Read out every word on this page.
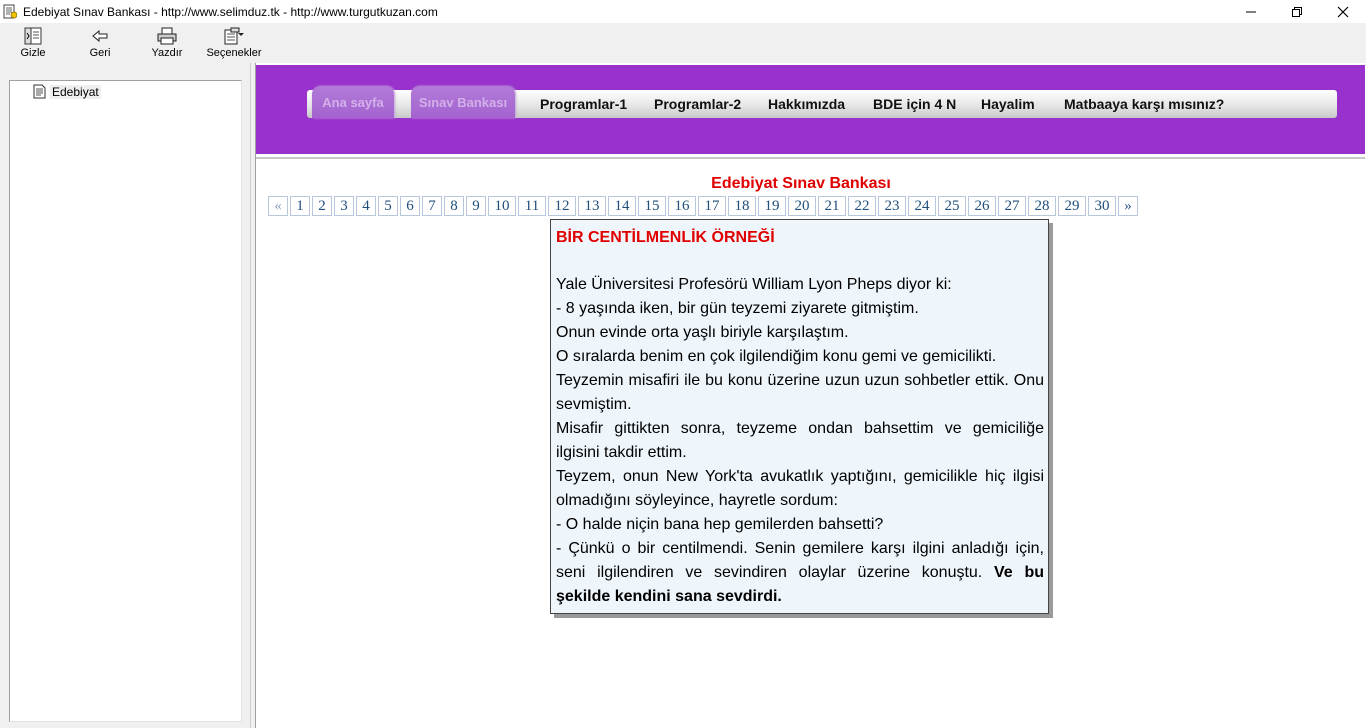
Edebiyat Sınav Bankası - http://www.selimduz.tk - http://www.turgutkuzan.com
Gizle	Geri	Yazdır Seçenekler
Edebiyat
Ana sayfa	Sınav Bankası	Programlar-1 Programlar-2 Hakkımızda BDE için 4 N Hayalim Matbaaya karşı mısınız?
Edebiyat Sınav Bankası
« 1 2 3 4 5 6 7 8 9 10	11	12	13	14	15	16	17	18	19	20	21	22	23	24	25	26	27	28	29	30 »
BİR CENTİLMENLİK ÖRNEĞİ

Yale Üniversitesi Profesörü William Lyon Pheps diyor ki:

- 8 yaşında iken, bir gün teyzemi ziyarete gitmiştim.

Onun evinde orta yaşlı biriyle karşılaştım.

O sıralarda benim en çok ilgilendiğim konu gemi ve gemicilikti.

Teyzemin misafiri ile bu konu üzerine uzun uzun sohbetler ettik. Onu sevmiştim.

Misafir gittikten sonra, teyzeme ondan bahsettim ve gemiciliğe ilgisini takdir ettim.

Teyzem, onun New York'ta avukatlık yaptığını, gemicilikle hiç ilgisi olmadığını söyleyince, hayretle sordum:

- O halde niçin bana hep gemilerden bahsetti?

- Çünkü o bir centilmendi. Senin gemilere karşı ilgini anladığı için, seni ilgilendiren ve sevindiren olaylar üzerine konuştu. Ve bu şekilde kendini sana sevdirdi.
